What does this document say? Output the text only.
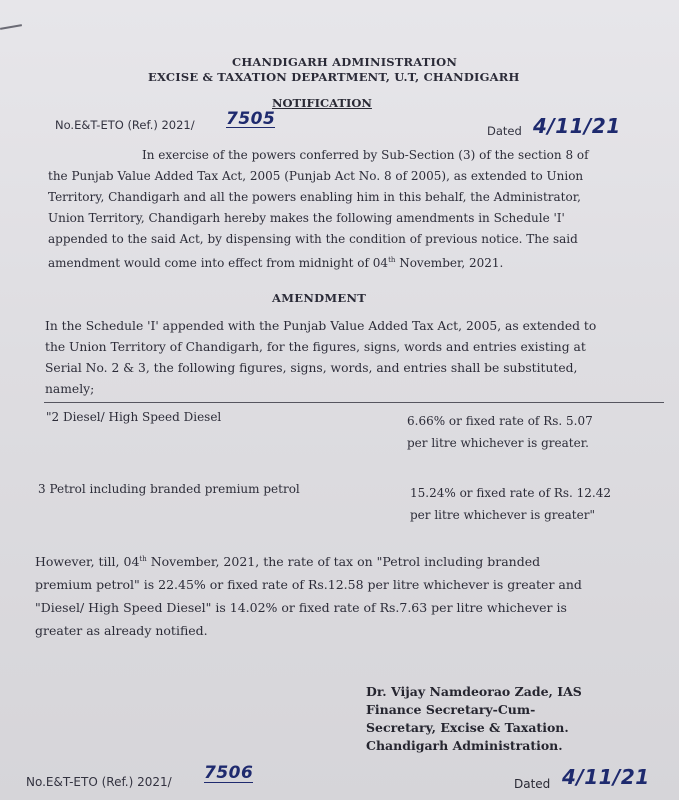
CHANDIGARH ADMINISTRATION
EXCISE & TAXATION DEPARTMENT, U.T, CHANDIGARH
NOTIFICATION
No.E&T-ETO (Ref.) 2021/ 7505
Dated 4/11/21
In exercise of the powers conferred by Sub-Section (3) of the section 8 of
the Punjab Value Added Tax Act, 2005 (Punjab Act No. 8 of 2005), as extended to Union
Territory, Chandigarh and all the powers enabling him in this behalf, the Administrator,
Union Territory, Chandigarh hereby makes the following amendments in Schedule 'I'
appended to the said Act, by dispensing with the condition of previous notice. The said
amendment would come into effect from midnight of 04th November, 2021.
AMENDMENT
In the Schedule 'I' appended with the Punjab Value Added Tax Act, 2005, as extended to
the Union Territory of Chandigarh, for the figures, signs, words and entries existing at
Serial No. 2 & 3, the following figures, signs, words, and entries shall be substituted,
namely;
"2 Diesel/ High Speed Diesel	6.66% or fixed rate of Rs. 5.07
per litre whichever is greater.
3 Petrol including branded premium petrol	15.24% or fixed rate of Rs. 12.42
per litre whichever is greater"
However, till, 04th November, 2021, the rate of tax on "Petrol including branded
premium petrol" is 22.45% or fixed rate of Rs.12.58 per litre whichever is greater and
"Diesel/ High Speed Diesel" is 14.02% or fixed rate of Rs.7.63 per litre whichever is
greater as already notified.
Dr. Vijay Namdeorao Zade, IAS
Finance Secretary-Cum-
Secretary, Excise & Taxation.
Chandigarh Administration.
No.E&T-ETO (Ref.) 2021/ 7506
Dated 4/11/21
